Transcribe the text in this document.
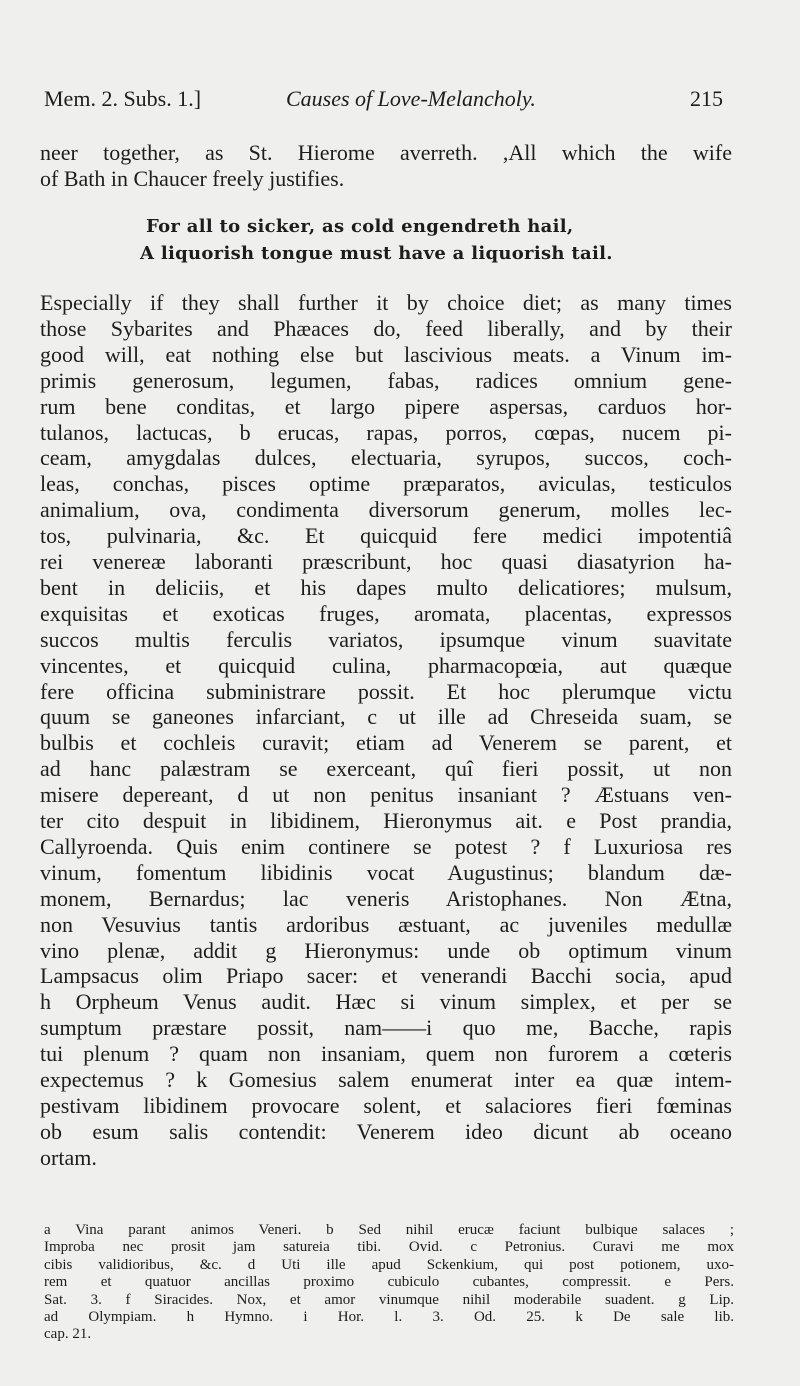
Mem. 2. Subs. 1.]	Causes of Love-Melancholy.	215
neer together, as St. Hierome averreth. ,All which the wife
of Bath in Chaucer freely justifies.
For all to sicker, as cold engendreth hail,
A liquorish tongue must have a liquorish tail.
Especially if they shall further it by choice diet; as many times
those Sybarites and Phæaces do, feed liberally, and by their
good will, eat nothing else but lascivious meats. a Vinum im-
primis generosum, legumen, fabas, radices omnium gene-
rum bene conditas, et largo pipere aspersas, carduos hor-
tulanos, lactucas, b erucas, rapas, porros, cœpas, nucem pi-
ceam, amygdalas dulces, electuaria, syrupos, succos, coch-
leas, conchas, pisces optime præparatos, aviculas, testiculos
animalium, ova, condimenta diversorum generum, molles lec-
tos, pulvinaria, &c. Et quicquid fere medici impotentiâ
rei venereæ laboranti præscribunt, hoc quasi diasatyrion ha-
bent in deliciis, et his dapes multo delicatiores; mulsum,
exquisitas et exoticas fruges, aromata, placentas, expressos
succos multis ferculis variatos, ipsumque vinum suavitate
vincentes, et quicquid culina, pharmacopœia, aut quæque
fere officina subministrare possit. Et hoc plerumque victu
quum se ganeones infarciant, c ut ille ad Chreseida suam, se
bulbis et cochleis curavit; etiam ad Venerem se parent, et
ad hanc palæstram se exerceant, quî fieri possit, ut non
misere depereant, d ut non penitus insaniant ? Æstuans ven-
ter cito despuit in libidinem, Hieronymus ait. e Post prandia,
Callyroenda. Quis enim continere se potest ? f Luxuriosa res
vinum, fomentum libidinis vocat Augustinus; blandum dæ-
monem, Bernardus; lac veneris Aristophanes. Non Ætna,
non Vesuvius tantis ardoribus æstuant, ac juveniles medullæ
vino plenæ, addit g Hieronymus: unde ob optimum vinum
Lampsacus olim Priapo sacer: et venerandi Bacchi socia, apud
h Orpheum Venus audit. Hæc si vinum simplex, et per se
sumptum præstare possit, nam——i quo me, Bacche, rapis
tui plenum ? quam non insaniam, quem non furorem a cœteris
expectemus ? k Gomesius salem enumerat inter ea quæ intem-
pestivam libidinem provocare solent, et salaciores fieri fœminas
ob esum salis contendit: Venerem ideo dicunt ab oceano
ortam.
a Vina parant animos Veneri. b Sed nihil erucæ faciunt bulbique salaces ;
Improba nec prosit jam satureia tibi. Ovid. c Petronius. Curavi me mox
cibis validioribus, &c. d Uti ille apud Sckenkium, qui post potionem, uxo-
rem et quatuor ancillas proximo cubiculo cubantes, compressit. e Pers.
Sat. 3. f Siracides. Nox, et amor vinumque nihil moderabile suadent. g Lip.
ad Olympiam. h Hymno. i Hor. l. 3. Od. 25. k De sale lib.
cap. 21.
